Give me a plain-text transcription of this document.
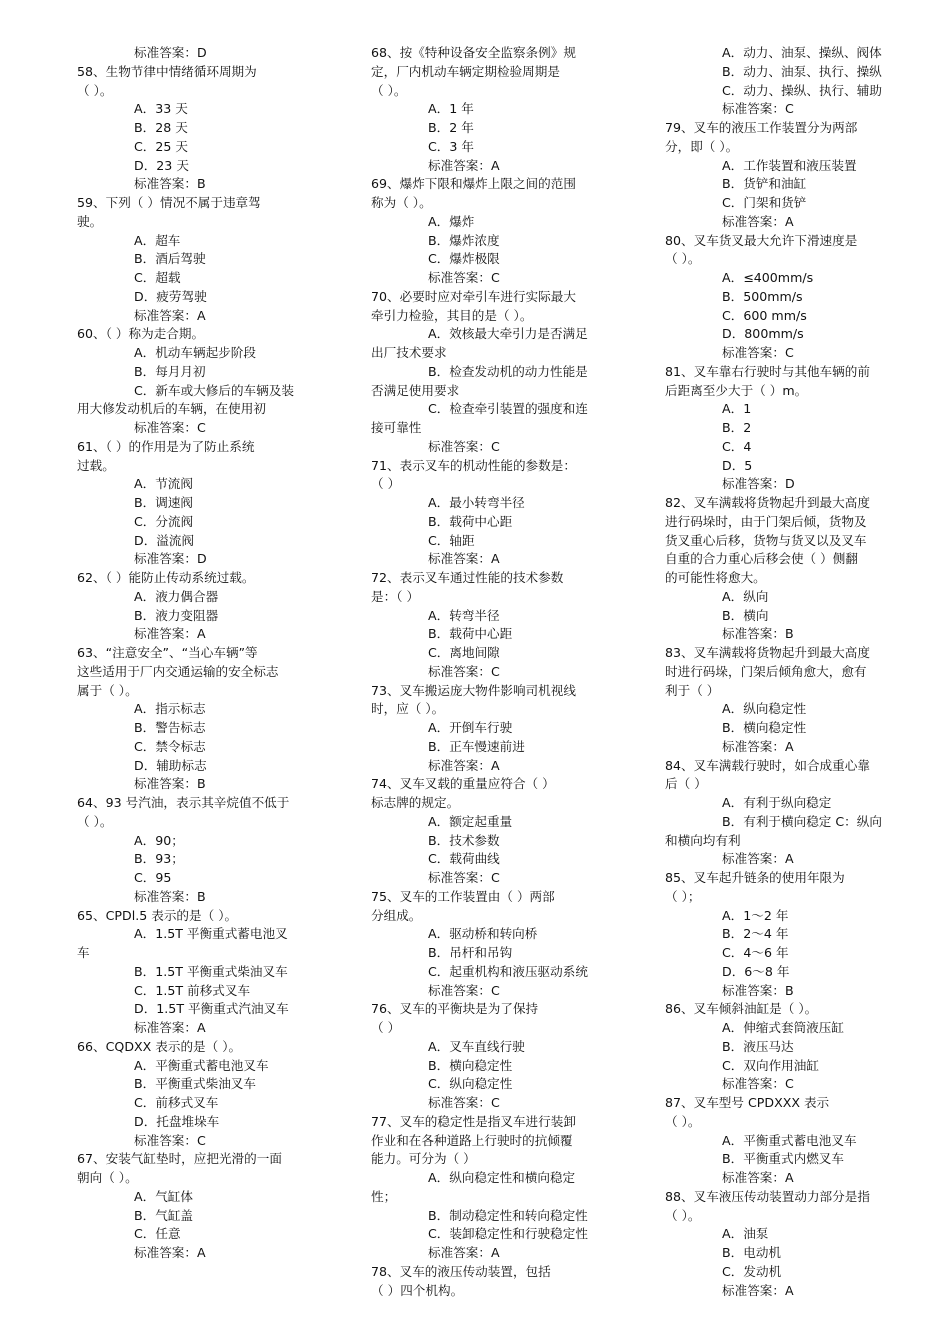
标准答案：D
58、生物节律中情绪循环周期为
（ ）。
A．33 天
B．28 天
C．25 天
D．23 天
标准答案：B
59、下列（ ）情况不属于违章驾
驶。
A．超车
B．酒后驾驶
C．超载
D．疲劳驾驶
标准答案：A
60、（ ）称为走合期。
A．机动车辆起步阶段
B．每月月初
C．新车或大修后的车辆及装
用大修发动机后的车辆，在使用初
标准答案：C
61、（ ）的作用是为了防止系统
过载。
A．节流阀
B．调速阀
C．分流阀
D．溢流阀
标准答案：D
62、（ ）能防止传动系统过载。
A．液力偶合器
B．液力变阻器
标准答案：A
63、“注意安全”、“当心车辆”等
这些适用于厂内交通运输的安全标志
属于（ ）。
A．指示标志
B．警告标志
C．禁令标志
D．辅助标志
标准答案：B
64、93 号汽油，表示其辛烷值不低于
（ ）。
A．90；
B．93；
C．95
标准答案：B
65、CPDl.5 表示的是（ ）。
A．1.5T 平衡重式蓄电池叉
车
B．1.5T 平衡重式柴油叉车
C．1.5T 前移式叉车
D．1.5T 平衡重式汽油叉车
标准答案：A
66、CQDXX 表示的是（ ）。
A．平衡重式蓄电池叉车
B．平衡重式柴油叉车
C．前移式叉车
D．托盘堆垛车
标准答案：C
67、安装气缸垫时，应把光滑的一面
朝向（ ）。
A．气缸体
B．气缸盖
C．任意
标准答案：A
68、按《特种设备安全监察条例》规
定，厂内机动车辆定期检验周期是
（ ）。
A．1 年
B．2 年
C．3 年
标准答案：A
69、爆炸下限和爆炸上限之间的范围
称为（ ）。
A．爆炸
B．爆炸浓度
C．爆炸极限
标准答案：C
70、必要时应对牵引车进行实际最大
牵引力检验，其目的是（ ）。
A．效核最大牵引力是否满足
出厂技术要求
B．检查发动机的动力性能是
否满足使用要求
C．检查牵引装置的强度和连
接可靠性
标准答案：C
71、表示叉车的机动性能的参数是：
（ ）
A．最小转弯半径
B．载荷中心距
C．轴距
标准答案：A
72、表示叉车通过性能的技术参数
是：（ ）
A．转弯半径
B．载荷中心距
C．离地间隙
标准答案：C
73、叉车搬运庞大物件影响司机视线
时，应（ ）。
A．开倒车行驶
B．正车慢速前进
标准答案：A
74、叉车叉载的重量应符合（ ）
标志牌的规定。
A．额定起重量
B．技术参数
C．载荷曲线
标准答案：C
75、叉车的工作装置由（ ）两部
分组成。
A．驱动桥和转向桥
B．吊杆和吊钩
C．起重机构和液压驱动系统
标准答案：C
76、叉车的平衡块是为了保持
（ ）
A．叉车直线行驶
B．横向稳定性
C．纵向稳定性
标准答案：C
77、叉车的稳定性是指叉车进行装卸
作业和在各种道路上行驶时的抗倾覆
能力。可分为（ ）
A．纵向稳定性和横向稳定
性；
B．制动稳定性和转向稳定性
C．装卸稳定性和行驶稳定性
标准答案：A
78、叉车的液压传动装置，包括
（ ）四个机构。
A．动力、油泵、操纵、阀体
B．动力、油泵、执行、操纵
C．动力、操纵、执行、辅助
标准答案：C
79、叉车的液压工作装置分为两部
分，即（ ）。
A．工作装置和液压装置
B．货铲和油缸
C．门架和货铲
标准答案：A
80、叉车货叉最大允许下滑速度是
（ ）。
A．≤400mm/s
B．500mm/s
C．600 mm/s
D．800mm/s
标准答案：C
81、叉车靠右行驶时与其他车辆的前
后距离至少大于（ ）m。
A．1
B．2
C．4
D．5
标准答案：D
82、叉车满载将货物起升到最大高度
进行码垛时，由于门架后倾，货物及
货叉重心后移，货物与货叉以及叉车
自重的合力重心后移会使（ ）侧翻
的可能性将愈大。
A．纵向
B．横向
标准答案：B
83、叉车满载将货物起升到最大高度
时进行码垛，门架后倾角愈大，愈有
利于（ ）
A．纵向稳定性
B．横向稳定性
标准答案：A
84、叉车满载行驶时，如合成重心靠
后（ ）
A．有利于纵向稳定
B．有利于横向稳定 C：纵向
和横向均有利
标准答案：A
85、叉车起升链条的使用年限为
（ ）；
A．1～2 年
B．2～4 年
C．4～6 年
D．6～8 年
标准答案：B
86、叉车倾斜油缸是（ ）。
A．伸缩式套筒液压缸
B．液压马达
C．双向作用油缸
标准答案：C
87、叉车型号 CPDXXX 表示
（ ）。
A．平衡重式蓄电池叉车
B．平衡重式内燃叉车
标准答案：A
88、叉车液压传动装置动力部分是指
（ ）。
A．油泵
B．电动机
C．发动机
标准答案：A
